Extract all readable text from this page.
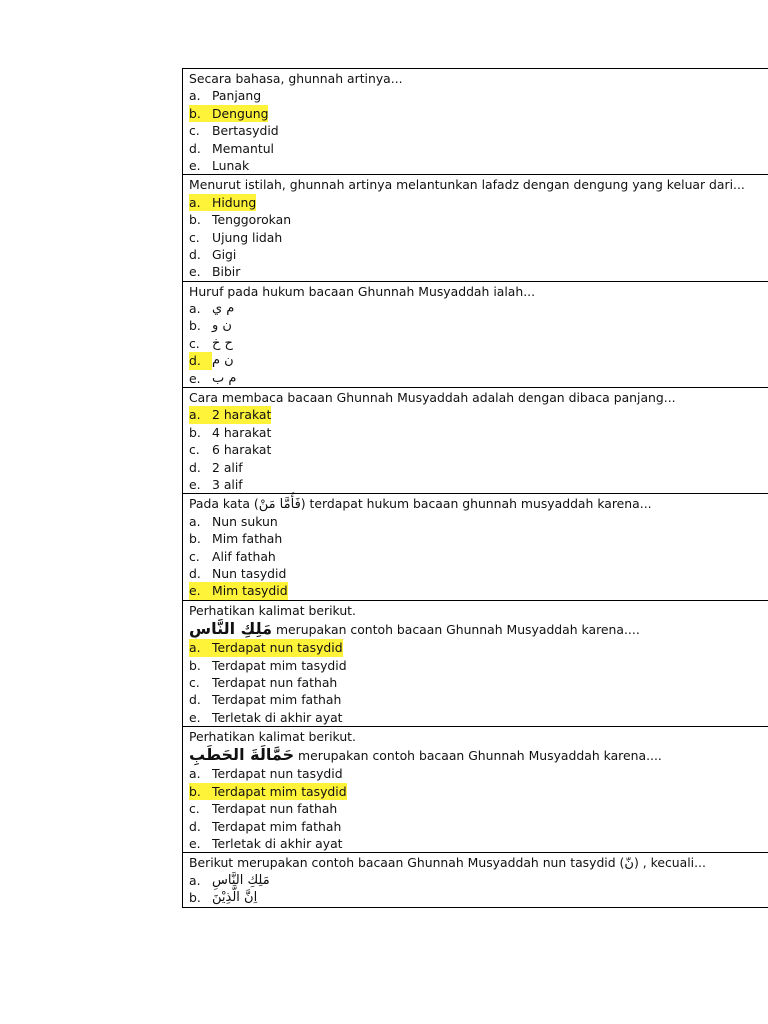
Secara bahasa, ghunnah artinya...
a. Panjang
b. Dengung
c. Bertasydid
d. Memantul
e. Lunak
Menurut istilah, ghunnah artinya melantunkan lafadz dengan dengung yang keluar dari...
a. Hidung
b. Tenggorokan
c. Ujung lidah
d. Gigi
e. Bibir
Huruf pada hukum bacaan Ghunnah Musyaddah ialah...
a. م ي
b. ن و
c. ح خ
d. ن م
e. م ب
Cara membaca bacaan Ghunnah Musyaddah adalah dengan dibaca panjang...
a. 2 harakat
b. 4 harakat
c. 6 harakat
d. 2 alif
e. 3 alif
Pada kata (فَأَمَّا مَنْ) terdapat hukum bacaan ghunnah musyaddah karena...
a. Nun sukun
b. Mim fathah
c. Alif fathah
d. Nun tasydid
e. Mim tasydid
Perhatikan kalimat berikut.
مَلِكِ النَّاسِ merupakan contoh bacaan Ghunnah Musyaddah karena....
a. Terdapat nun tasydid
b. Terdapat mim tasydid
c. Terdapat nun fathah
d. Terdapat mim fathah
e. Terletak di akhir ayat
Perhatikan kalimat berikut.
حَمَّالَةَ الحَطَبِ merupakan contoh bacaan Ghunnah Musyaddah karena....
a. Terdapat nun tasydid
b. Terdapat mim tasydid
c. Terdapat nun fathah
d. Terdapat mim fathah
e. Terletak di akhir ayat
Berikut merupakan contoh bacaan Ghunnah Musyaddah nun tasydid (نّ) , kecuali...
a. مَلِكِ النَّاسِ
b. اِنَّ الَّذِيْنَ
